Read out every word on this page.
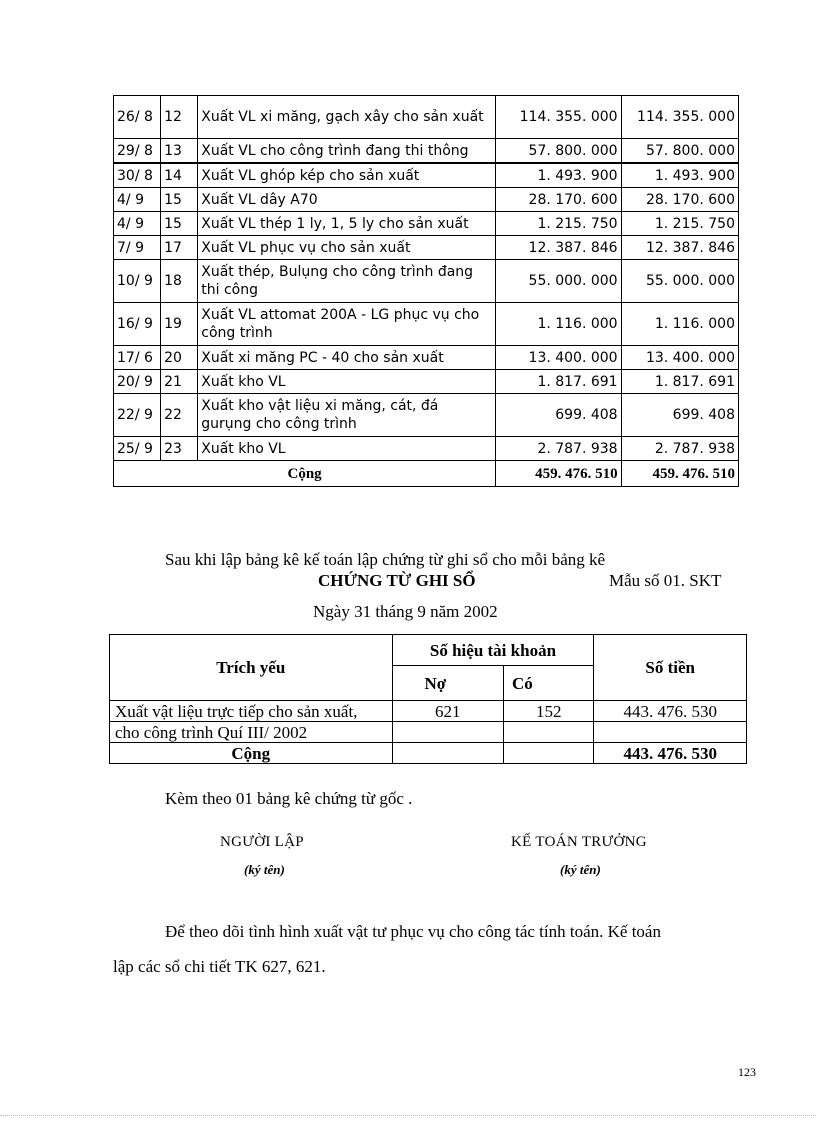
26/ 8	12	Xuất VL xi măng, gạch xây cho sản xuất	114. 355. 000	114. 355. 000
29/ 8	13	Xuất VL cho công trình đang thi thông	57. 800. 000	57. 800. 000
30/ 8	14	Xuất VL ghóp kép cho sản xuất	1. 493. 900	1. 493. 900
4/ 9	15	Xuất VL dây A70	28. 170. 600	28. 170. 600
4/ 9	15	Xuất VL thép 1 ly, 1, 5 ly cho sản xuất	1. 215. 750	1. 215. 750
7/ 9	17	Xuất VL phục vụ cho sản xuất	12. 387. 846	12. 387. 846
10/ 9	18	Xuất thép, Bulụng cho công trình đang thi công	55. 000. 000	55. 000. 000
16/ 9	19	Xuất VL attomat 200A - LG phục vụ cho công trình	1. 116. 000	1. 116. 000
17/ 6	20	Xuất xi măng PC - 40 cho sản xuất	13. 400. 000	13. 400. 000
20/ 9	21	Xuất kho VL	1. 817. 691	1. 817. 691
22/ 9	22	Xuất kho vật liệu xi măng, cát, đá gurụng cho công trình	699. 408	699. 408
25/ 9	23	Xuất kho VL	2. 787. 938	2. 787. 938
Cộng			459. 476. 510	459. 476. 510
Sau khi lập bảng kê kế toán lập chứng từ ghi sổ cho mỗi bảng kê
CHỨNG TỪ GHI SỔ	Mẫu số 01. SKT
Ngày 31 tháng 9 năm 2002
Trích yếu	Số hiệu tài khoản		Số tiền
	Nợ	Có	
Xuất vật liệu trực tiếp cho sản xuất,	621	152	443. 476. 530
cho công trình Quí III/ 2002			
Cộng			443. 476. 530
Kèm theo 01 bảng kê chứng từ gốc .
NGƯỜI LẬP
(ký tên)
KẾ TOÁN TRƯỞNG
(ký tên)
Để theo dõi tình hình xuất vật tư phục vụ cho công tác tính toán. Kế toán
lập các sổ chi tiết TK 627, 621.
123
